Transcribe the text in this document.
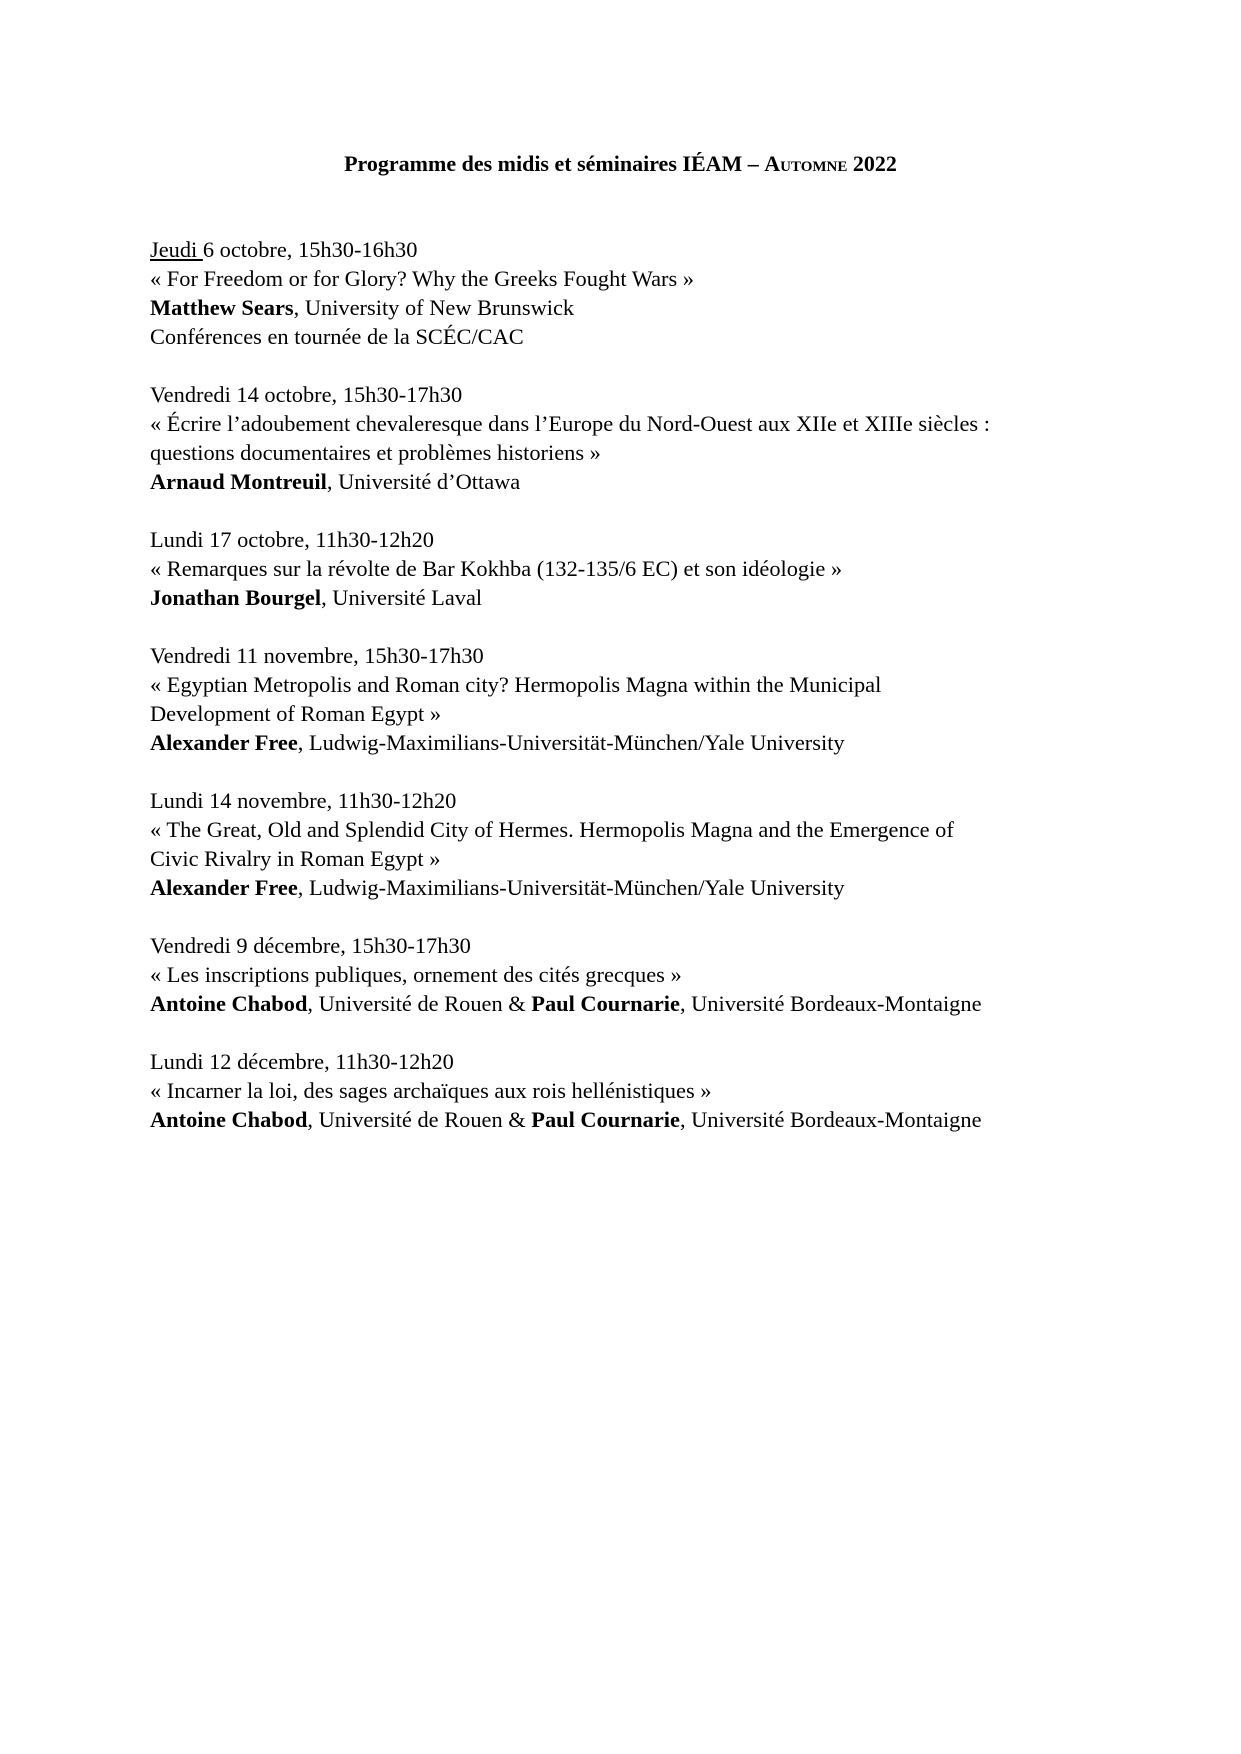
Programme des midis et séminaires IÉAM – Automne 2022
Jeudi 6 octobre, 15h30-16h30
« For Freedom or for Glory? Why the Greeks Fought Wars »
Matthew Sears, University of New Brunswick
Conférences en tournée de la SCÉC/CAC
Vendredi 14 octobre, 15h30-17h30
« Écrire l’adoubement chevaleresque dans l’Europe du Nord-Ouest aux XIIe et XIIIe siècles :
questions documentaires et problèmes historiens »
Arnaud Montreuil, Université d’Ottawa
Lundi 17 octobre, 11h30-12h20
« Remarques sur la révolte de Bar Kokhba (132-135/6 EC) et son idéologie »
Jonathan Bourgel, Université Laval
Vendredi 11 novembre, 15h30-17h30
« Egyptian Metropolis and Roman city? Hermopolis Magna within the Municipal
Development of Roman Egypt »
Alexander Free, Ludwig-Maximilians-Universität-München/Yale University
Lundi 14 novembre, 11h30-12h20
« The Great, Old and Splendid City of Hermes. Hermopolis Magna and the Emergence of
Civic Rivalry in Roman Egypt »
Alexander Free, Ludwig-Maximilians-Universität-München/Yale University
Vendredi 9 décembre, 15h30-17h30
« Les inscriptions publiques, ornement des cités grecques »
Antoine Chabod, Université de Rouen & Paul Cournarie, Université Bordeaux-Montaigne
Lundi 12 décembre, 11h30-12h20
« Incarner la loi, des sages archaïques aux rois hellénistiques »
Antoine Chabod, Université de Rouen & Paul Cournarie, Université Bordeaux-Montaigne
